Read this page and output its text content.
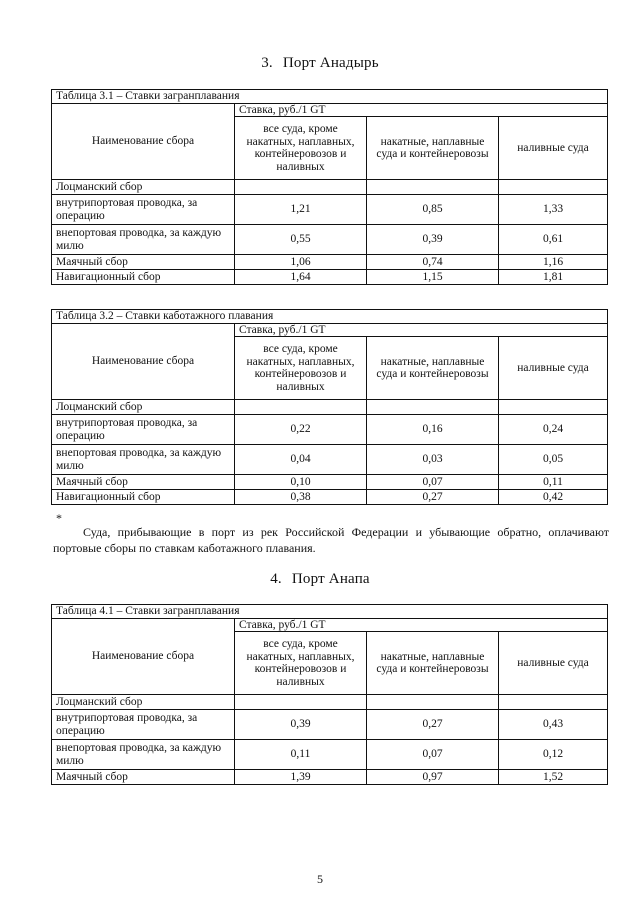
3. Порт Анадырь
Таблица 3.1 – Ставки загранплавания			
Наименование сбора	Ставка, руб./1 GT		
	все суда, кроме накатных, наплавных, контейнеровозов и наливных	накатные, наплавные суда и контейнеровозы	наливные суда
Лоцманский сбор			
внутрипортовая проводка, за операцию	1,21	0,85	1,33
внепортовая проводка, за каждую милю	0,55	0,39	0,61
Маячный сбор	1,06	0,74	1,16
Навигационный сбор	1,64	1,15	1,81
Таблица 3.2 – Ставки каботажного плавания			
Наименование сбора	Ставка, руб./1 GT		
	все суда, кроме накатных, наплавных, контейнеровозов и наливных	накатные, наплавные суда и контейнеровозы	наливные суда
Лоцманский сбор			
внутрипортовая проводка, за операцию	0,22	0,16	0,24
внепортовая проводка, за каждую милю	0,04	0,03	0,05
Маячный сбор	0,10	0,07	0,11
Навигационный сбор	0,38	0,27	0,42
*

Суда, прибывающие в порт из рек Российской Федерации и убывающие обратно, оплачивают портовые сборы по ставкам каботажного плавания.

4. Порт Анапа
Таблица 4.1 – Ставки загранплавания			
Наименование сбора	Ставка, руб./1 GT		
	все суда, кроме накатных, наплавных, контейнеровозов и наливных	накатные, наплавные суда и контейнеровозы	наливные суда
Лоцманский сбор			
внутрипортовая проводка, за операцию	0,39	0,27	0,43
внепортовая проводка, за каждую милю	0,11	0,07	0,12
Маячный сбор	1,39	0,97	1,52
5
